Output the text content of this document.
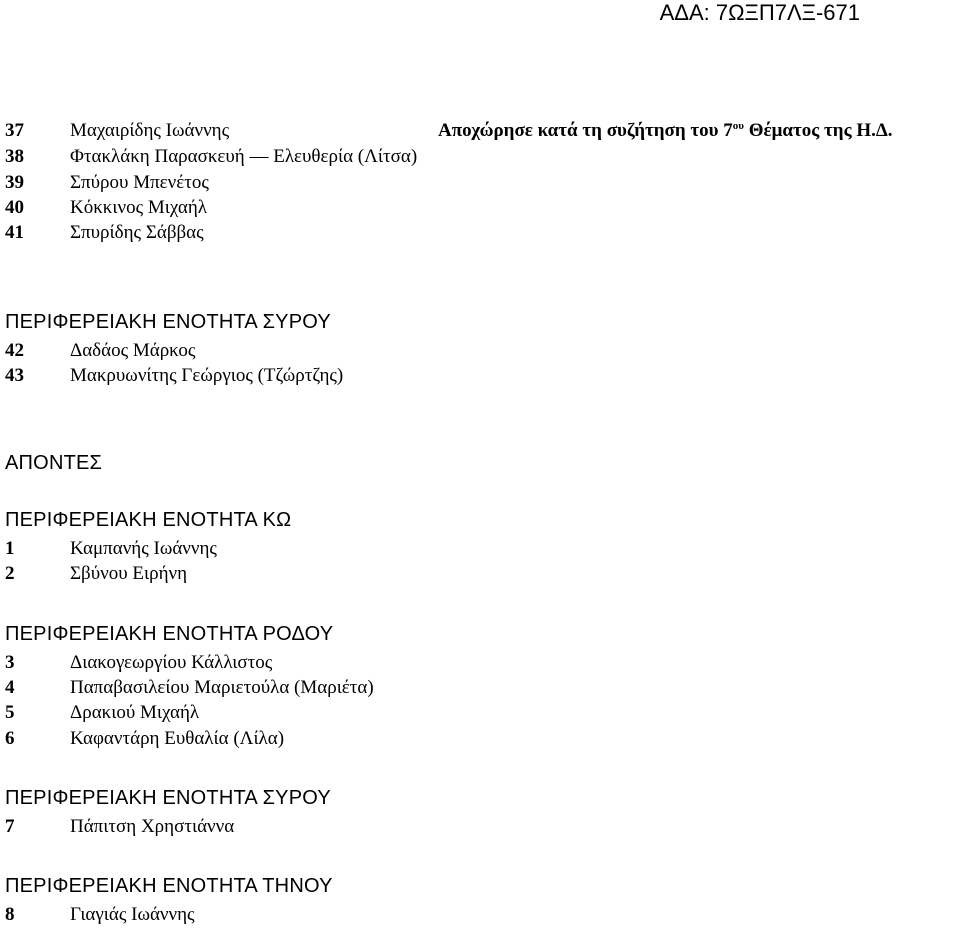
ΑΔΑ: 7ΩΞΠ7ΛΞ-671
37 Μαχαιρίδης Ιωάννης	Αποχώρησε κατά τη συζήτηση του $7^{o\upsilon}$ Θέματος της Η.Δ.
38 Φτακλάκη Παρασκευή — Ελευθερία (Λίτσα)
39 Σπύρου Μπενέτος
40 Κόκκινος Μιχαήλ
41 Σπυρίδης Σάββας
ΠΕΡΙΦΕΡΕΙΑΚΗ ΕΝΟΤΗΤΑ ΣΥΡΟΥ
42 Δαδάος Μάρκος
43 Μακρυωνίτης Γεώργιος (Τζώρτζης)
ΑΠΟΝΤΕΣ
ΠΕΡΙΦΕΡΕΙΑΚΗ ΕΝΟΤΗΤΑ ΚΩ
1	Καμπανής Ιωάννης
2	Σβύνου Ειρήνη
ΠΕΡΙΦΕΡΕΙΑΚΗ ΕΝΟΤΗΤΑ ΡΟΔΟΥ
3	Διακογεωργίου Κάλλιστος
4	Παπαβασιλείου Μαριετούλα (Μαριέτα)
5	Δρακιού Μιχαήλ
6	Καφαντάρη Ευθαλία (Λίλα)
ΠΕΡΙΦΕΡΕΙΑΚΗ ΕΝΟΤΗΤΑ ΣΥΡΟΥ
7	Πάπιτση Χρηστιάννα
ΠΕΡΙΦΕΡΕΙΑΚΗ ΕΝΟΤΗΤΑ ΤΗΝΟΥ
8	Γιαγιάς Ιωάννης
